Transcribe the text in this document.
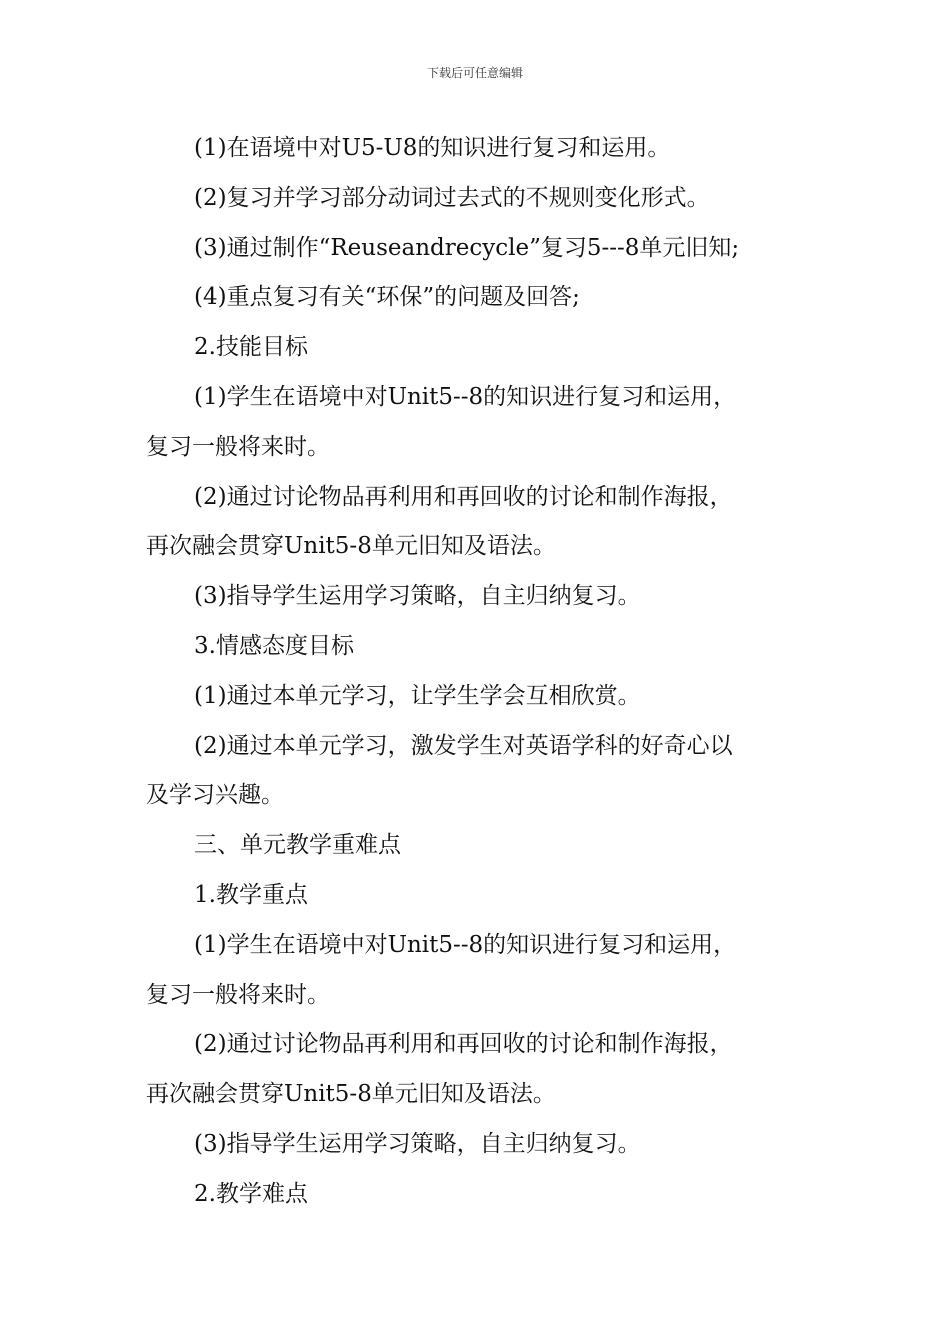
下载后可任意编辑

(1)在语境中对U5-U8的知识进行复习和运用。

(2)复习并学习部分动词过去式的不规则变化形式。

(3)通过制作“Reuseandrecycle”复习5---8单元旧知;

(4)重点复习有关“环保”的问题及回答;

2.技能目标

(1)学生在语境中对Unit5--8的知识进行复习和运用，

复习一般将来时。

(2)通过讨论物品再利用和再回收的讨论和制作海报，

再次融会贯穿Unit5-8单元旧知及语法。

(3)指导学生运用学习策略，自主归纳复习。

3.情感态度目标

(1)通过本单元学习，让学生学会互相欣赏。

(2)通过本单元学习，激发学生对英语学科的好奇心以

及学习兴趣。

三、单元教学重难点

1.教学重点

(1)学生在语境中对Unit5--8的知识进行复习和运用，

复习一般将来时。

(2)通过讨论物品再利用和再回收的讨论和制作海报，

再次融会贯穿Unit5-8单元旧知及语法。

(3)指导学生运用学习策略，自主归纳复习。

2.教学难点
